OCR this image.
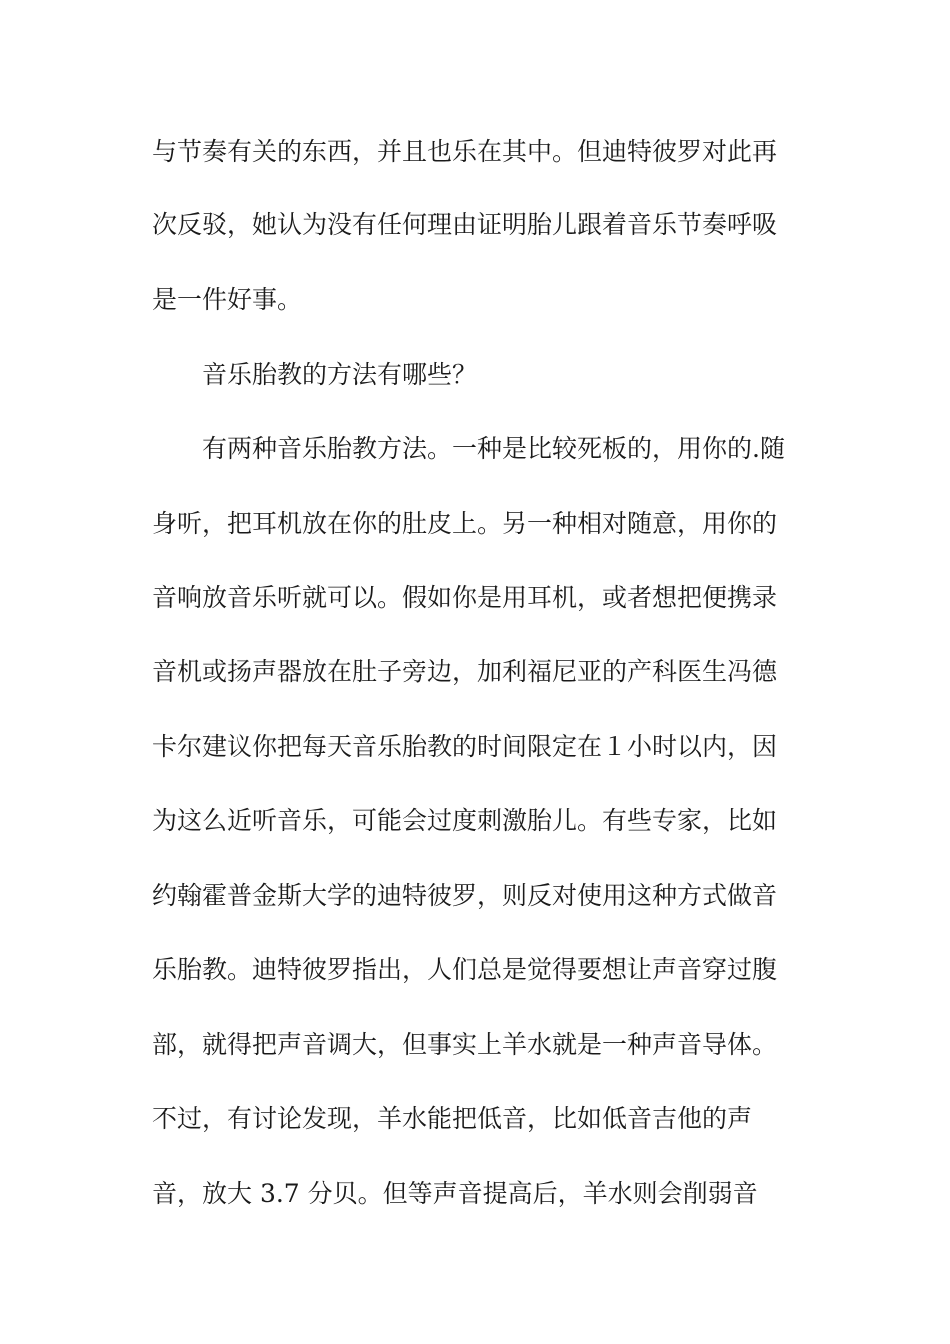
与节奏有关的东西，并且也乐在其中。但迪特彼罗对此再
次反驳，她认为没有任何理由证明胎儿跟着音乐节奏呼吸
是一件好事。
音乐胎教的方法有哪些？
有两种音乐胎教方法。一种是比较死板的，用你的.随
身听，把耳机放在你的肚皮上。另一种相对随意，用你的
音响放音乐听就可以。假如你是用耳机，或者想把便携录
音机或扬声器放在肚子旁边，加利福尼亚的产科医生冯德
卡尔建议你把每天音乐胎教的时间限定在１小时以内，因
为这么近听音乐，可能会过度刺激胎儿。有些专家，比如
约翰霍普金斯大学的迪特彼罗，则反对使用这种方式做音
乐胎教。迪特彼罗指出，人们总是觉得要想让声音穿过腹
部，就得把声音调大，但事实上羊水就是一种声音导体。
不过，有讨论发现，羊水能把低音，比如低音吉他的声
音，放大 3.7 分贝。但等声音提高后，羊水则会削弱音
